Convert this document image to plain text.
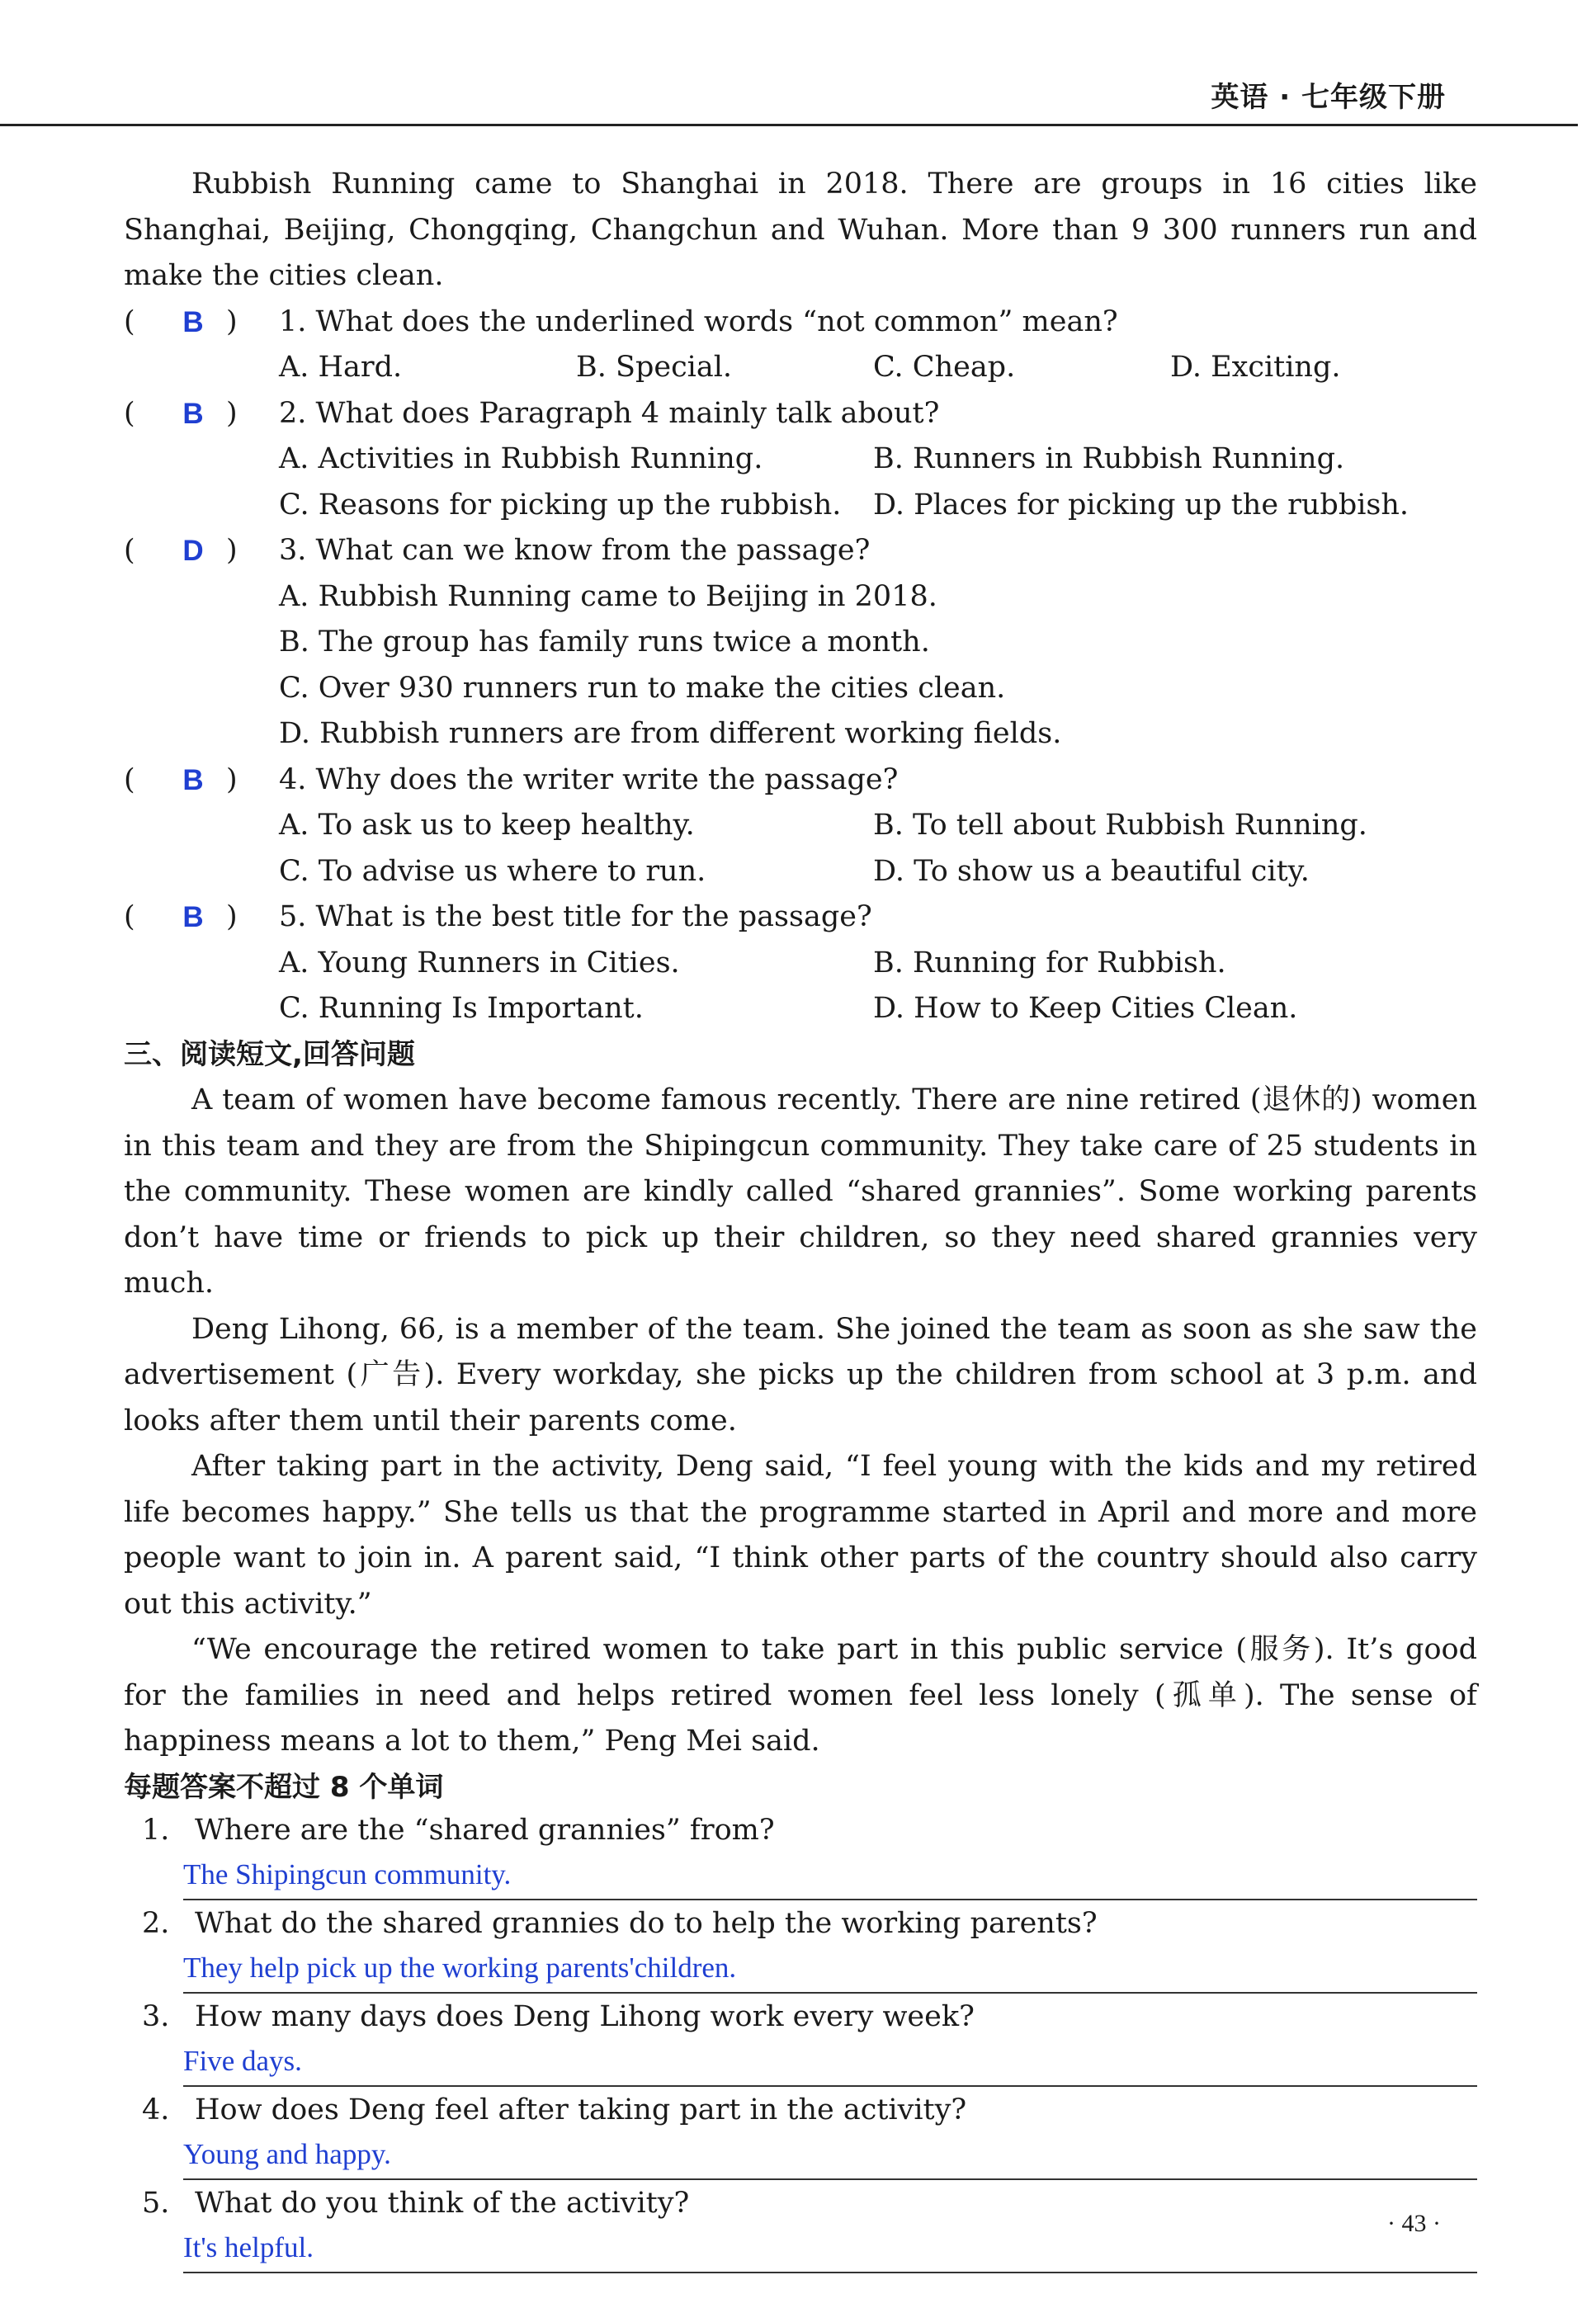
英语 · 七年级下册

Rubbish Running came to Shanghai in 2018. There are groups in 16 cities like Shanghai, Beijing, Chongqing, Changchun and Wuhan. More than 9 300 runners run and make the cities clean.

(	B )	1. What does the underlined words “not common” mean?
A. Hard.	B. Special.	C. Cheap.	D. Exciting.
(	B )	2. What does Paragraph 4 mainly talk about?
A. Activities in Rubbish Running.	B. Runners in Rubbish Running.
C. Reasons for picking up the rubbish.	D. Places for picking up the rubbish.
(	D )	3. What can we know from the passage?
A. Rubbish Running came to Beijing in 2018.
B. The group has family runs twice a month.
C. Over 930 runners run to make the cities clean.
D. Rubbish runners are from different working fields.
(	B )	4. Why does the writer write the passage?
A. To ask us to keep healthy.	B. To tell about Rubbish Running.
C. To advise us where to run.	D. To show us a beautiful city.
(	B )	5. What is the best title for the passage?
A. Young Runners in Cities.	B. Running for Rubbish.
C. Running Is Important.	D. How to Keep Cities Clean.

三、阅读短文,回答问题

A team of women have become famous recently. There are nine retired (退休的) women in this team and they are from the Shipingcun community. They take care of 25 students in the community. These women are kindly called “shared grannies”. Some working parents don’t have time or friends to pick up their children, so they need shared grannies very much.

Deng Lihong, 66, is a member of the team. She joined the team as soon as she saw the advertisement (广告). Every workday, she picks up the children from school at 3 p.m. and looks after them until their parents come.

After taking part in the activity, Deng said, “I feel young with the kids and my retired life becomes happy.” She tells us that the programme started in April and more and more people want to join in. A parent said, “I think other parts of the country should also carry out this activity.”

“We encourage the retired women to take part in this public service (服务). It’s good for the families in need and helps retired women feel less lonely (孤单). The sense of happiness means a lot to them,” Peng Mei said.

每题答案不超过 8 个单词

1. Where are the “shared grannies” from?
The Shipingcun community.
2. What do the shared grannies do to help the working parents?
They help pick up the working parents'children.
3. How many days does Deng Lihong work every week?
Five days.
4. How does Deng feel after taking part in the activity?
Young and happy.
5. What do you think of the activity?
It's helpful.
· 43 ·
